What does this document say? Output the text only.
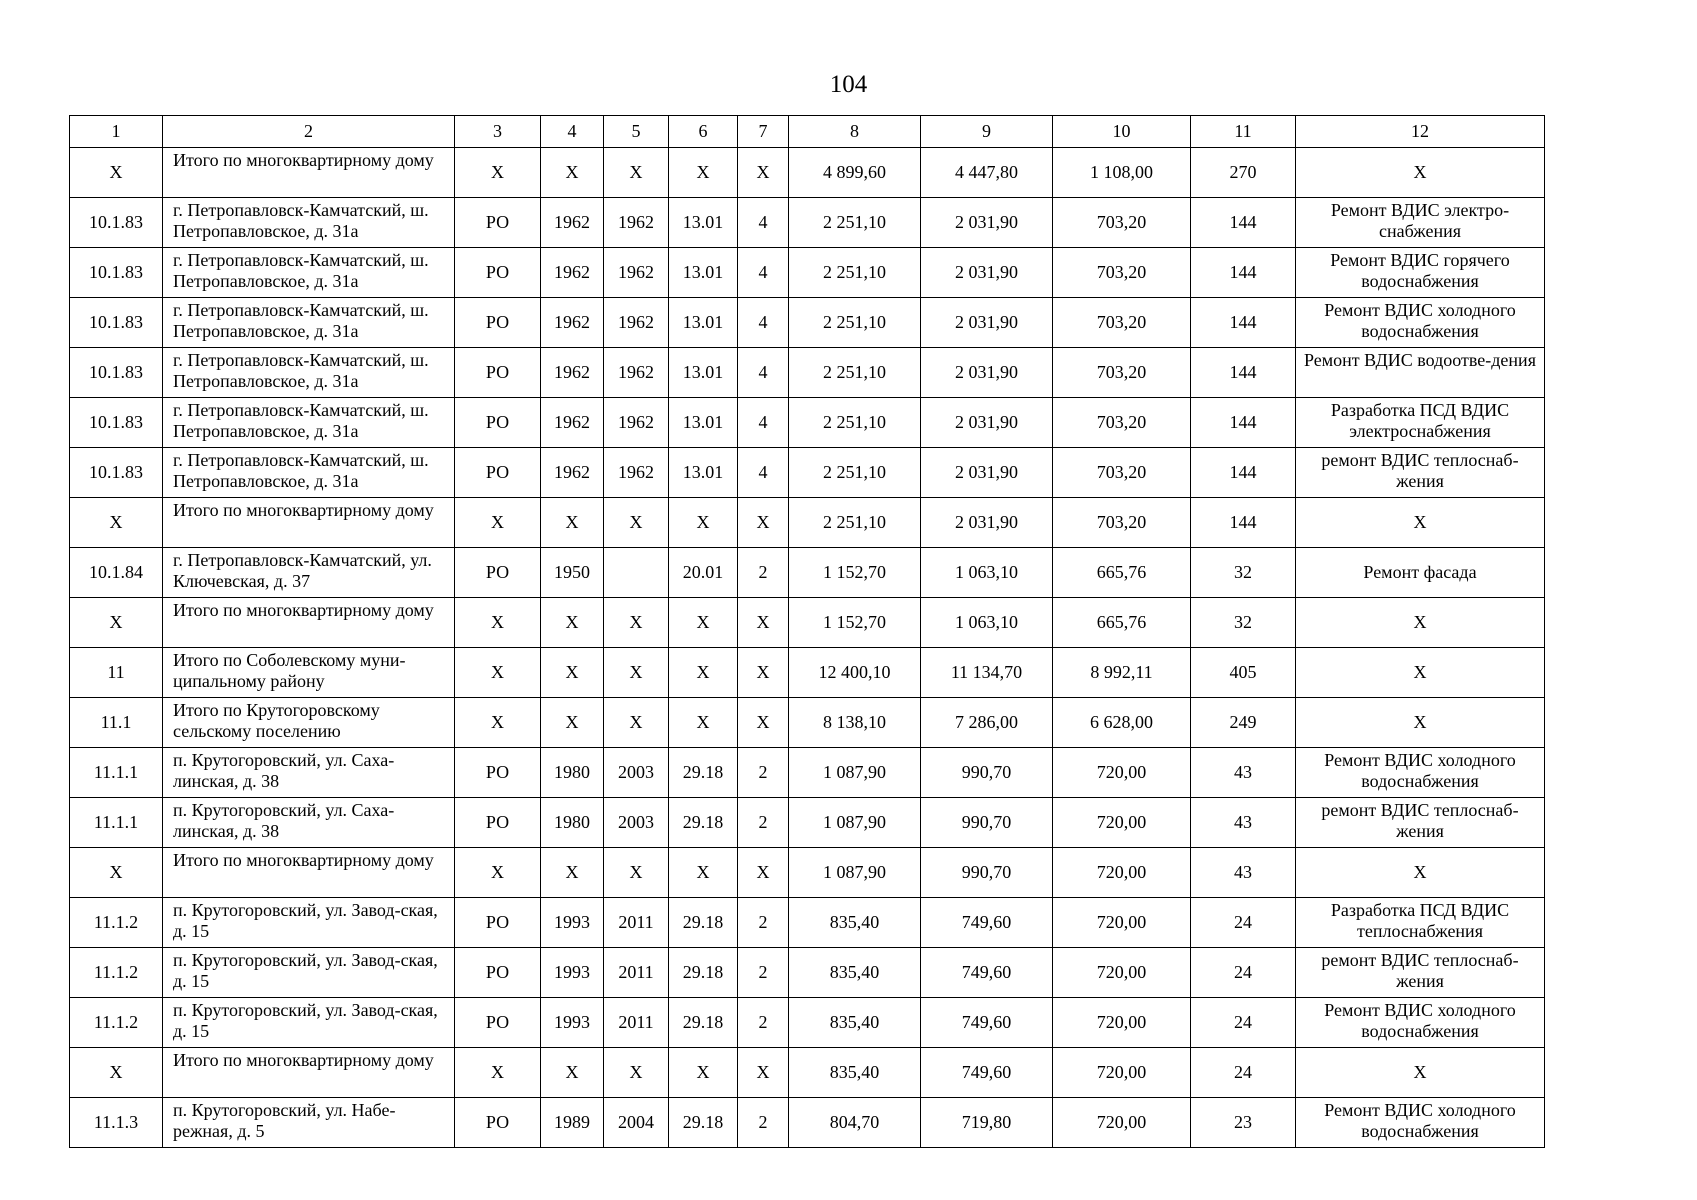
104
1	2	3	4	5	6	7	8	9	10	11	12
X	Итого по многоквартирному дому	X	X	X	X	X	4 899,60	4 447,80	1 108,00	270	X
10.1.83	г. Петропавловск-Камчатский, ш. Петропавловское, д. 31а	РО	1962	1962	13.01	4	2 251,10	2 031,90	703,20	144	Ремонт ВДИС электро-снабжения
10.1.83	г. Петропавловск-Камчатский, ш. Петропавловское, д. 31а	РО	1962	1962	13.01	4	2 251,10	2 031,90	703,20	144	Ремонт ВДИС горячего водоснабжения
10.1.83	г. Петропавловск-Камчатский, ш. Петропавловское, д. 31а	РО	1962	1962	13.01	4	2 251,10	2 031,90	703,20	144	Ремонт ВДИС холодного водоснабжения
10.1.83	г. Петропавловск-Камчатский, ш. Петропавловское, д. 31а	РО	1962	1962	13.01	4	2 251,10	2 031,90	703,20	144	Ремонт ВДИС водоотве-дения
10.1.83	г. Петропавловск-Камчатский, ш. Петропавловское, д. 31а	РО	1962	1962	13.01	4	2 251,10	2 031,90	703,20	144	Разработка ПСД ВДИС электроснабжения
10.1.83	г. Петропавловск-Камчатский, ш. Петропавловское, д. 31а	РО	1962	1962	13.01	4	2 251,10	2 031,90	703,20	144	ремонт ВДИС теплоснаб-жения
X	Итого по многоквартирному дому	X	X	X	X	X	2 251,10	2 031,90	703,20	144	X
10.1.84	г. Петропавловск-Камчатский, ул. Ключевская, д. 37	РО	1950		20.01	2	1 152,70	1 063,10	665,76	32	Ремонт фасада
X	Итого по многоквартирному дому	X	X	X	X	X	1 152,70	1 063,10	665,76	32	X
11	Итого по Соболевскому муни-ципальному району	X	X	X	X	X	12 400,10	11 134,70	8 992,11	405	X
11.1	Итого по Крутогоровскому сельскому поселению	X	X	X	X	X	8 138,10	7 286,00	6 628,00	249	X
11.1.1	п. Крутогоровский, ул. Саха-линская, д. 38	РО	1980	2003	29.18	2	1 087,90	990,70	720,00	43	Ремонт ВДИС холодного водоснабжения
11.1.1	п. Крутогоровский, ул. Саха-линская, д. 38	РО	1980	2003	29.18	2	1 087,90	990,70	720,00	43	ремонт ВДИС теплоснаб-жения
X	Итого по многоквартирному дому	X	X	X	X	X	1 087,90	990,70	720,00	43	X
11.1.2	п. Крутогоровский, ул. Завод-ская, д. 15	РО	1993	2011	29.18	2	835,40	749,60	720,00	24	Разработка ПСД ВДИС теплоснабжения
11.1.2	п. Крутогоровский, ул. Завод-ская, д. 15	РО	1993	2011	29.18	2	835,40	749,60	720,00	24	ремонт ВДИС теплоснаб-жения
11.1.2	п. Крутогоровский, ул. Завод-ская, д. 15	РО	1993	2011	29.18	2	835,40	749,60	720,00	24	Ремонт ВДИС холодного водоснабжения
X	Итого по многоквартирному дому	X	X	X	X	X	835,40	749,60	720,00	24	X
11.1.3	п. Крутогоровский, ул. Набе-режная, д. 5	РО	1989	2004	29.18	2	804,70	719,80	720,00	23	Ремонт ВДИС холодного водоснабжения
